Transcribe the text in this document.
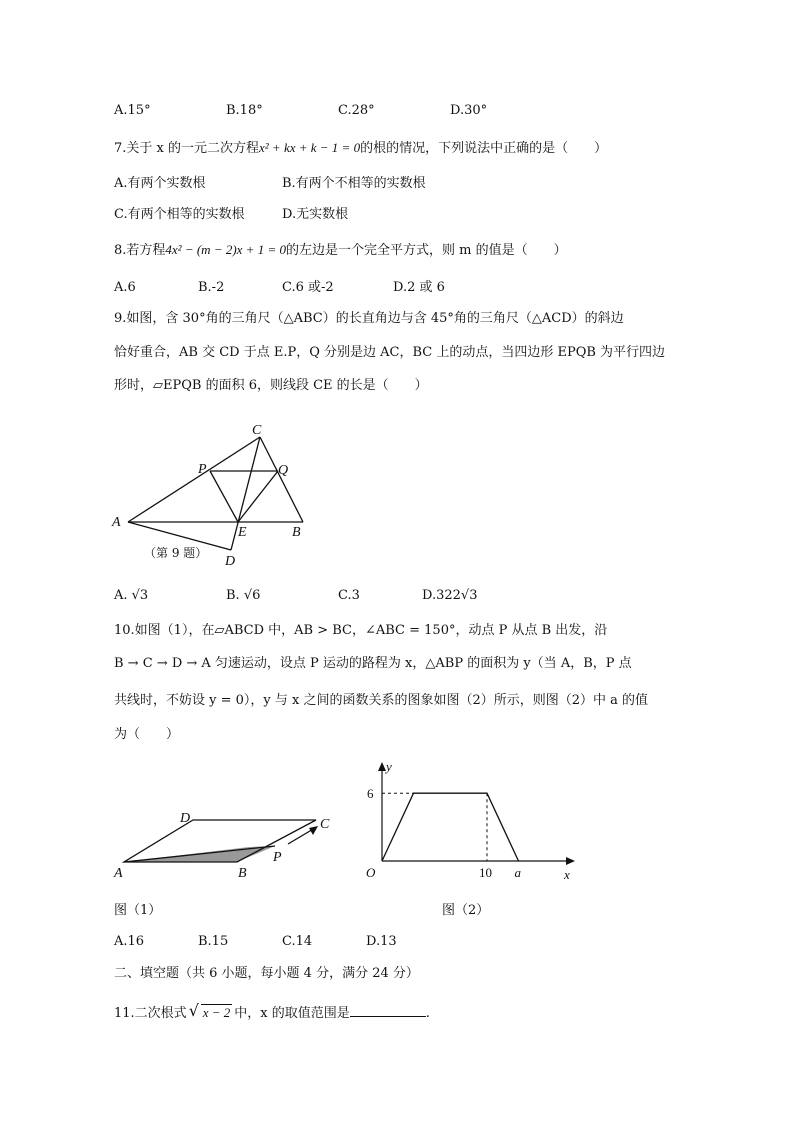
A.15°	B.18°	C.28°	D.30°
7.关于 x 的一元二次方程x² + kx + k − 1 = 0的根的情况，下列说法中正确的是（　　）
A.有两个实数根	B.有两个不相等的实数根
C.有两个相等的实数根	D.无实数根
8.若方程4x² − (m − 2)x + 1 = 0的左边是一个完全平方式，则 m 的值是（　　）
A.6	B.-2	C.6 或-2	D.2 或 6
9.如图，含 30°角的三角尺（△ABC）的长直角边与含 45°角的三角尺（△ACD）的斜边
恰好重合，AB 交 CD 于点 E.P，Q 分别是边 AC，BC 上的动点，当四边形 EPQB 为平行四边
形时，▱EPQB 的面积 6，则线段 CE 的长是（　　）
A
C
B
D
E
P	Q
（第 9 题）
A. √3	B. √6	C.3	D.322√3
10.如图（1），在▱ABCD 中，AB > BC，∠ABC = 150°，动点 P 从点 B 出发，沿
B → C → D → A 匀速运动，设点 P 运动的路程为 x，△ABP 的面积为 y（当 A，B，P 点
共线时，不妨设 y = 0），y 与 x 之间的函数关系的图象如图（2）所示，则图（2）中 a 的值
为（　　）
A	B
C
D
P
图（1）
y
x
O
6
10 a
图（2）
A.16	B.15	C.14	D.13
二、填空题（共 6 小题，每小题 4 分，满分 24 分）
11.二次根式 √ x − 2 中，x 的取值范围是	.
